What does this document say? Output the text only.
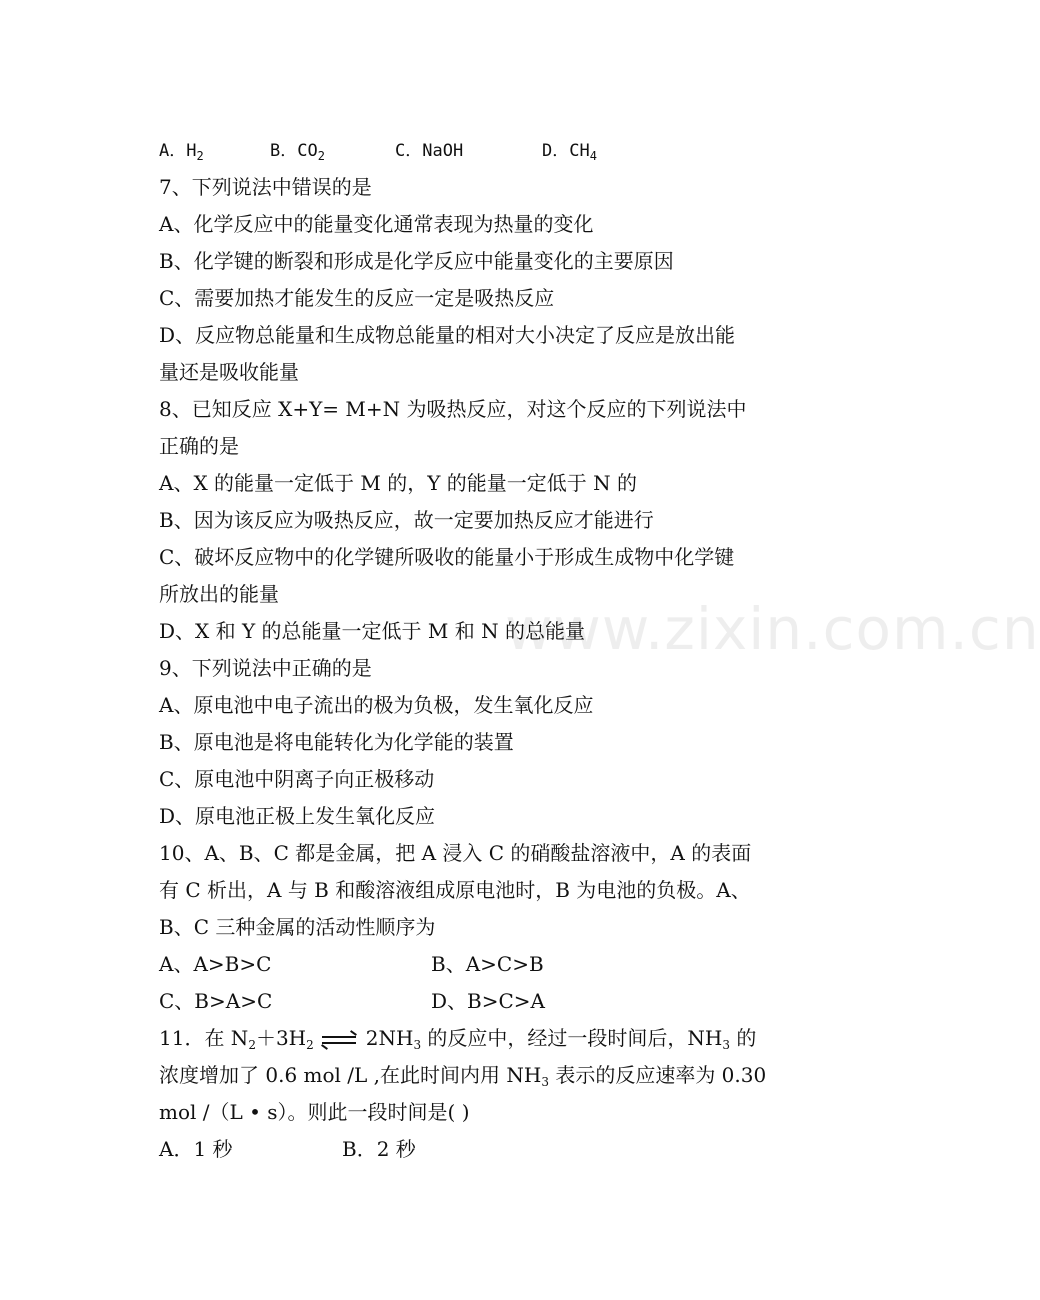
www.zixin.com.cn
A．$H_2$	B．$CO_2$	C．NaOH	D．$CH_4$
7、下列说法中错误的是
A、化学反应中的能量变化通常表现为热量的变化
B、化学键的断裂和形成是化学反应中能量变化的主要原因
C、需要加热才能发生的反应一定是吸热反应
D、反应物总能量和生成物总能量的相对大小决定了反应是放出能
量还是吸收能量
8、已知反应 X+Y= M+N 为吸热反应，对这个反应的下列说法中
正确的是
A、X 的能量一定低于 M 的，Y 的能量一定低于 N 的
B、因为该反应为吸热反应，故一定要加热反应才能进行
C、破坏反应物中的化学键所吸收的能量小于形成生成物中化学键
所放出的能量
D、X 和 Y 的总能量一定低于 M 和 N 的总能量
9、下列说法中正确的是
A、原电池中电子流出的极为负极，发生氧化反应
B、原电池是将电能转化为化学能的装置
C、原电池中阴离子向正极移动
D、原电池正极上发生氧化反应
10、A、B、C 都是金属，把 A 浸入 C 的硝酸盐溶液中，A 的表面
有 C 析出，A 与 B 和酸溶液组成原电池时，B 为电池的负极。A、
B、C 三种金属的活动性顺序为
A、A>B>C	B、A>C>B
C、B>A>C	D、B>C>A
11．在 $N_2+3H_2$	$2NH_3$ 的反应中，经过一段时间后，$NH_3$ 的
浓度增加了 0.6 mol /L ,在此时间内用 $NH_3$ 表示的反应速率为 0.30
mol /（L • s）。则此一段时间是( )
A．1 秒	B．2 秒
